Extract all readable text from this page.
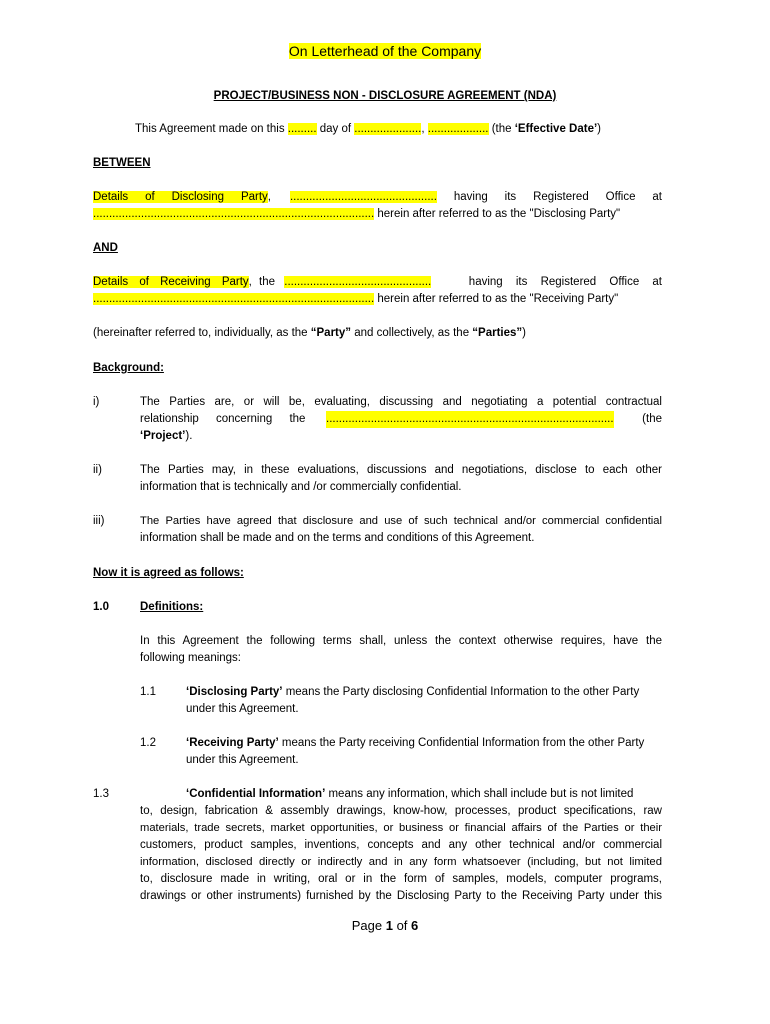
On Letterhead of the Company
PROJECT/BUSINESS NON - DISCLOSURE AGREEMENT (NDA)
This Agreement made on this ......... day of ....................., ................... (the ‘Effective Date’)
BETWEEN
Details of Disclosing Party, .............................................. having its Registered Office at
........................................................................................ herein after referred to as the "Disclosing Party"
AND
Details of Receiving Party, the ..............................................	having its Registered Office at
........................................................................................ herein after referred to as the "Receiving Party"
(hereinafter referred to, individually, as the “Party” and collectively, as the “Parties”)
Background:
i)	The Parties are, or will be, evaluating, discussing and negotiating a potential contractual
relationship concerning the .......................................................................................... (the
‘Project’).
ii)	The Parties may, in these evaluations, discussions and negotiations, disclose to each other
information that is technically and /or commercially confidential.
iii)	The Parties have agreed that disclosure and use of such technical and/or commercial confidential
information shall be made and on the terms and conditions of this Agreement.
Now it is agreed as follows:
1.0	Definitions:
In this Agreement the following terms shall, unless the context otherwise requires, have the
following meanings:
1.1	‘Disclosing Party’ means the Party disclosing Confidential Information to the other Party
under this Agreement.
1.2	‘Receiving Party’ means the Party receiving Confidential Information from the other Party
under this Agreement.
1.3	‘Confidential Information’ means any information, which shall include but is not limited
to, design, fabrication & assembly drawings, know-how, processes, product specifications, raw
materials, trade secrets, market opportunities, or business or financial affairs of the Parties or their
customers, product samples, inventions, concepts and any other technical and/or commercial
information, disclosed directly or indirectly and in any form whatsoever (including, but not limited
to, disclosure made in writing, oral or in the form of samples, models, computer programs,
drawings or other instruments) furnished by the Disclosing Party to the Receiving Party under this
Page 1 of 6
